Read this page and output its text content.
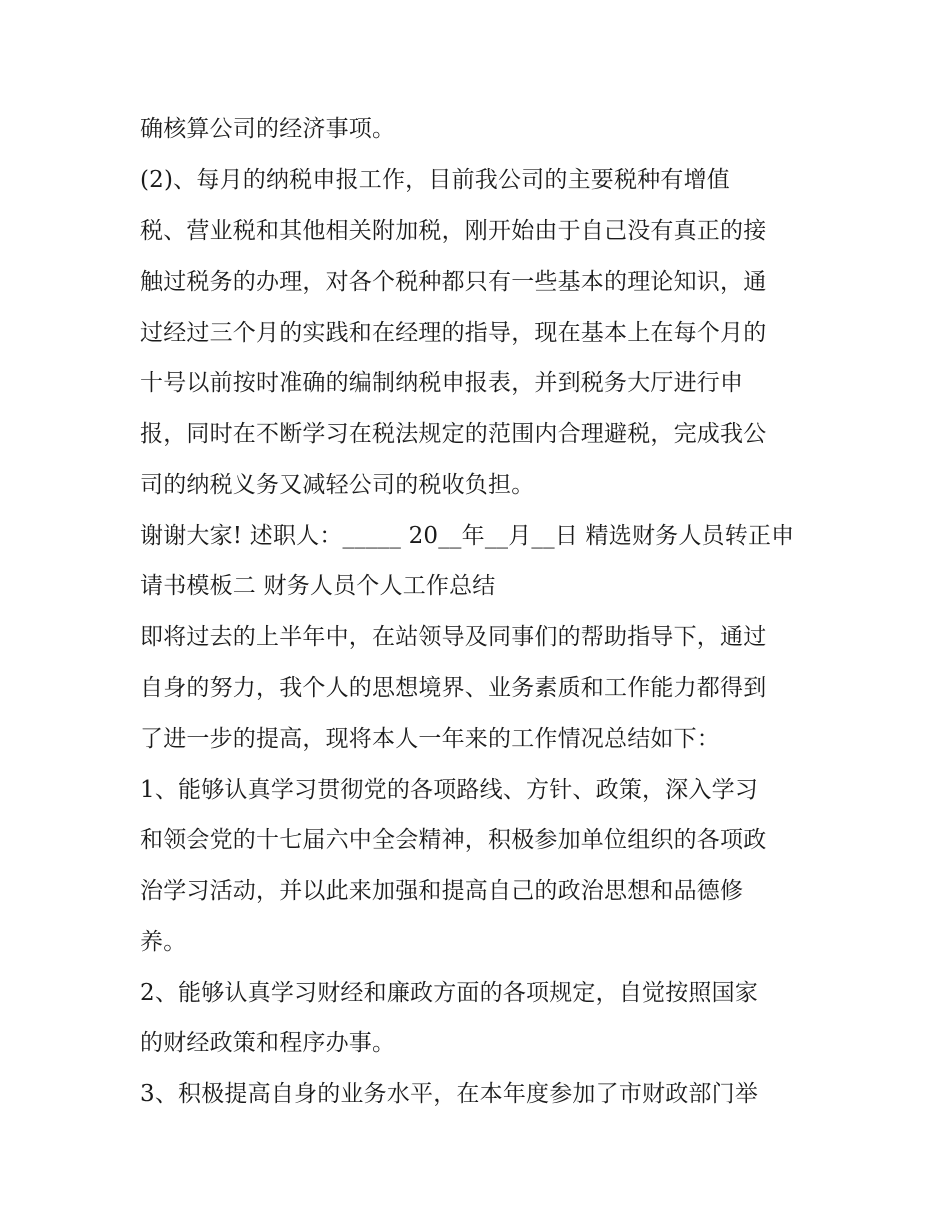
确核算公司的经济事项。

(2)、每月的纳税申报工作，目前我公司的主要税种有增值

税、营业税和其他相关附加税，刚开始由于自己没有真正的接

触过税务的办理，对各个税种都只有一些基本的理论知识，通

过经过三个月的实践和在经理的指导，现在基本上在每个月的

十号以前按时准确的编制纳税申报表，并到税务大厅进行申

报，同时在不断学习在税法规定的范围内合理避税，完成我公

司的纳税义务又减轻公司的税收负担。

谢谢大家! 述职人：_____ 20__年__月__日 精选财务人员转正申

请书模板二 财务人员个人工作总结

即将过去的上半年中，在站领导及同事们的帮助指导下，通过

自身的努力，我个人的思想境界、业务素质和工作能力都得到

了进一步的提高，现将本人一年来的工作情况总结如下：

1、能够认真学习贯彻党的各项路线、方针、政策，深入学习

和领会党的十七届六中全会精神，积极参加单位组织的各项政

治学习活动，并以此来加强和提高自己的政治思想和品德修

养。

2、能够认真学习财经和廉政方面的各项规定，自觉按照国家

的财经政策和程序办事。

3、积极提高自身的业务水平，在本年度参加了市财政部门举
